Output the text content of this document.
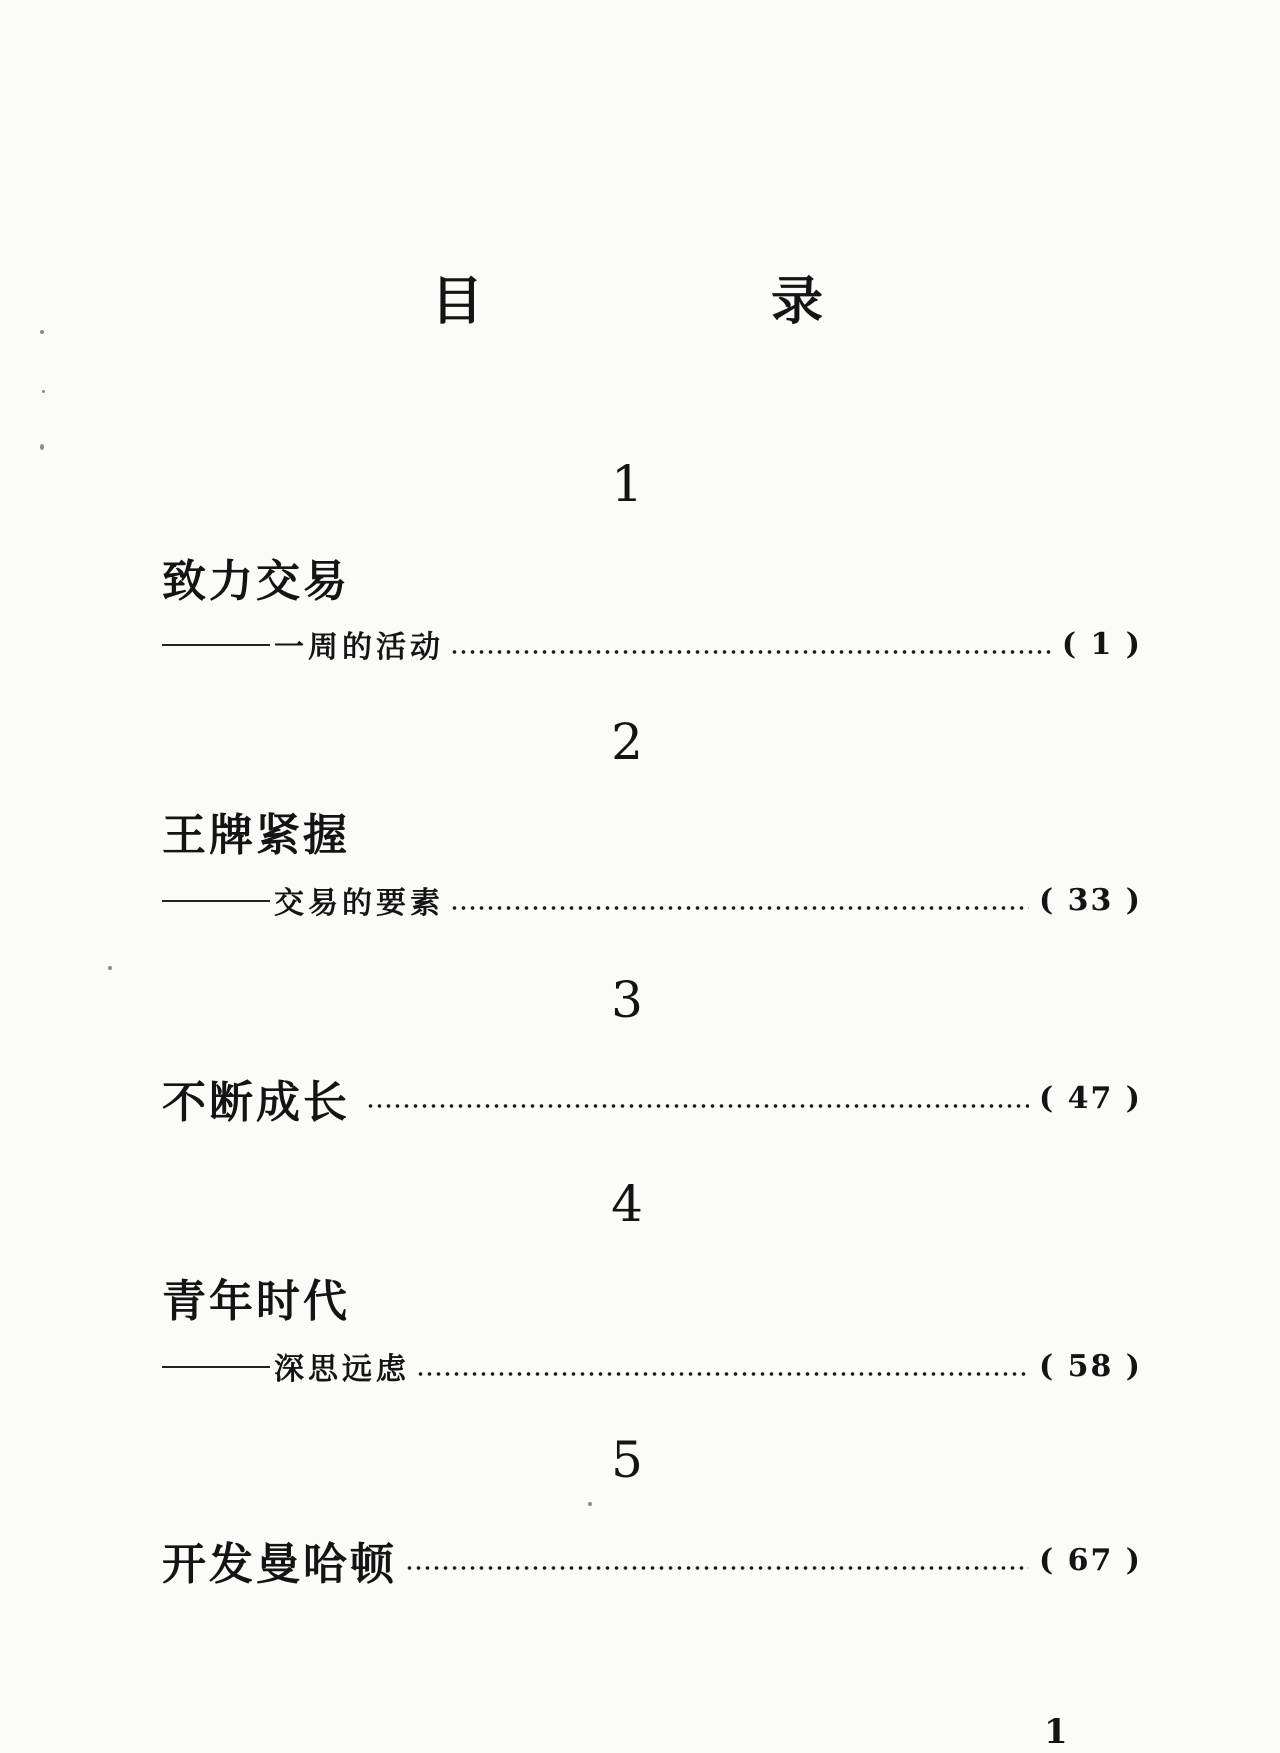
目　录
1
致力交易
一周的活动	( 1 )
2
王牌紧握
交易的要素	( 33 )
3
不断成长	( 47 )
4
青年时代
深思远虑	( 58 )
5
开发曼哈顿	( 67 )
1
